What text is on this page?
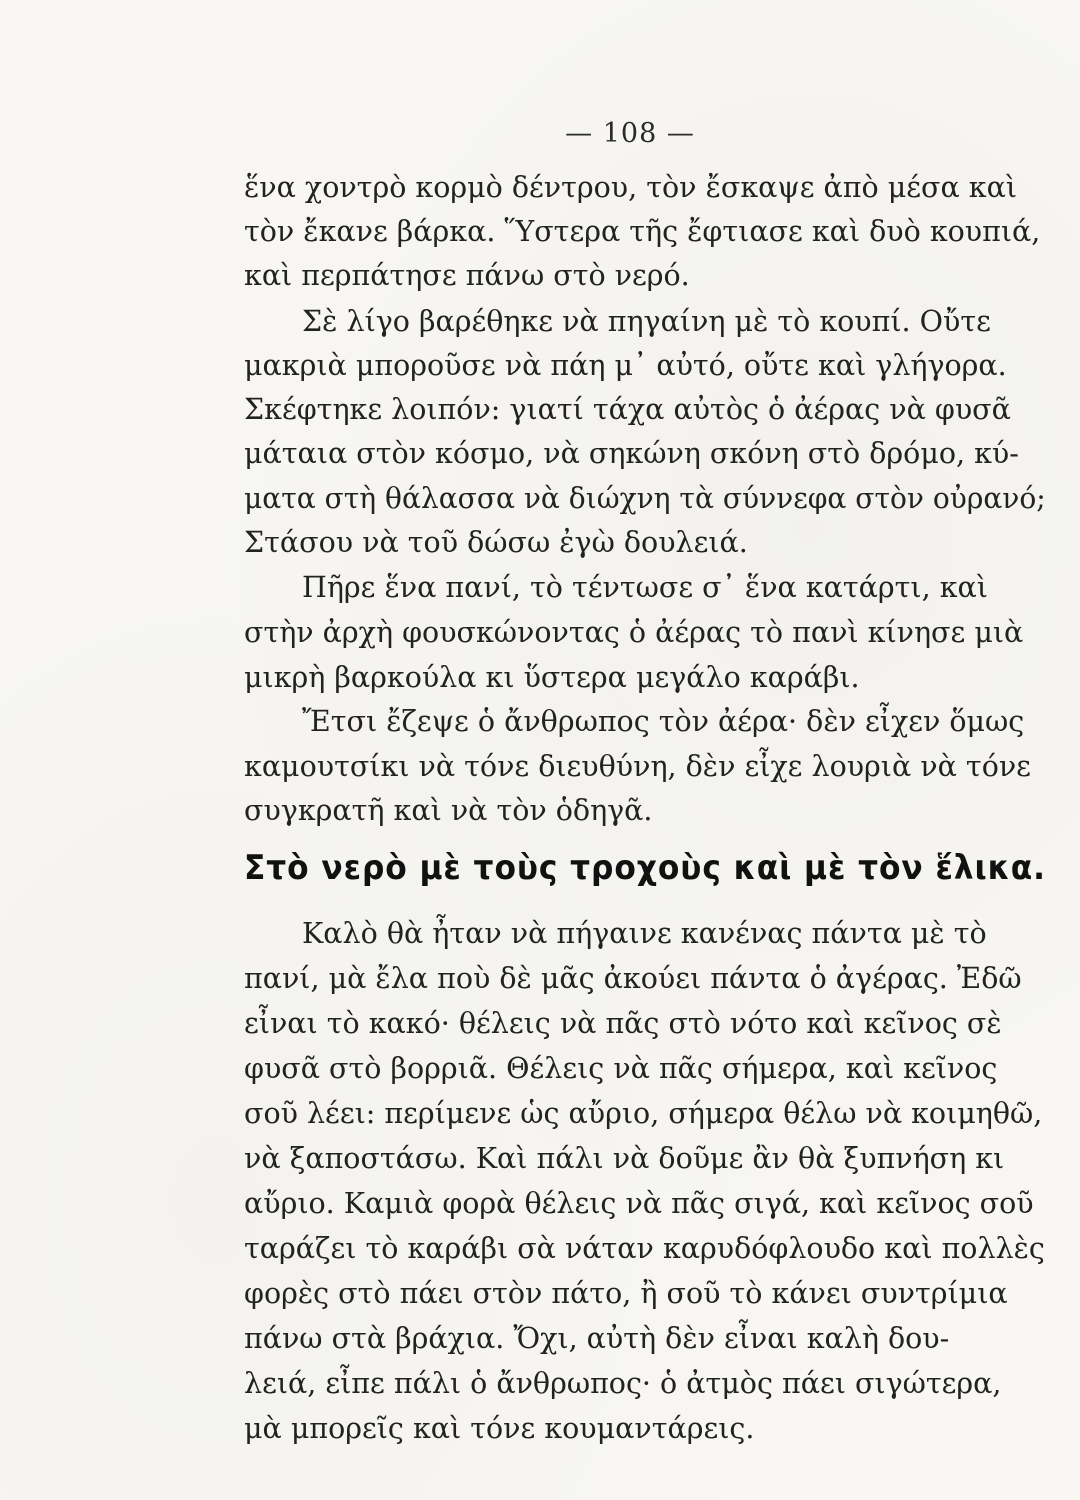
— 108 —
ἕνα χοντρὸ κορμὸ δέντρου, τὸν ἔσκαψε ἀπὸ μέσα καὶ
τὸν ἔκανε βάρκα. Ὕστερα τῆς ἔφτιασε καὶ δυὸ κουπιά,
καὶ περπάτησε πάνω στὸ νερό.
Σὲ λίγο βαρέθηκε νὰ πηγαίνη μὲ τὸ κουπί. Οὔτε
μακριὰ μποροῦσε νὰ πάη μ᾿ αὐτό, οὔτε καὶ γλήγορα.
Σκέφτηκε λοιπόν: γιατί τάχα αὐτὸς ὁ ἀέρας νὰ φυσᾶ
μάταια στὸν κόσμο, νὰ σηκώνη σκόνη στὸ δρόμο, κύ-
ματα στὴ θάλασσα νὰ διώχνη τὰ σύννεφα στὸν οὐρανό;
Στάσου νὰ τοῦ δώσω ἐγὼ δουλειά.
Πῆρε ἕνα πανί, τὸ τέντωσε σ᾿ ἕνα κατάρτι, καὶ
στὴν ἀρχὴ φουσκώνοντας ὁ ἀέρας τὸ πανὶ κίνησε μιὰ
μικρὴ βαρκούλα κι ὕστερα μεγάλο καράβι.
Ἔτσι ἔζεψε ὁ ἄνθρωπος τὸν ἀέρα· δὲν εἶχεν ὅμως
καμουτσίκι νὰ τόνε διευθύνη, δὲν εἶχε λουριὰ νὰ τόνε
συγκρατῆ καὶ νὰ τὸν ὁδηγᾶ.
Στὸ νερὸ μὲ τοὺς τροχοὺς καὶ μὲ τὸν ἕλικα.
Καλὸ θὰ ἦταν νὰ πήγαινε κανένας πάντα μὲ τὸ
πανί, μὰ ἔλα ποὺ δὲ μᾶς ἀκούει πάντα ὁ ἀγέρας. Ἐδῶ
εἶναι τὸ κακό· θέλεις νὰ πᾶς στὸ νότο καὶ κεῖνος σὲ
φυσᾶ στὸ βορριᾶ. Θέλεις νὰ πᾶς σήμερα, καὶ κεῖνος
σοῦ λέει: περίμενε ὡς αὔριο, σήμερα θέλω νὰ κοιμηθῶ,
νὰ ξαποστάσω. Καὶ πάλι νὰ δοῦμε ἂν θὰ ξυπνήση κι
αὔριο. Καμιὰ φορὰ θέλεις νὰ πᾶς σιγά, καὶ κεῖνος σοῦ
ταράζει τὸ καράβι σὰ νάταν καρυδόφλουδο καὶ πολλὲς
φορὲς στὸ πάει στὸν πάτο, ἢ σοῦ τὸ κάνει συντρίμια
πάνω στὰ βράχια. Ὄχι, αὐτὴ δὲν εἶναι καλὴ δου-
λειά, εἶπε πάλι ὁ ἄνθρωπος· ὁ ἀτμὸς πάει σιγώτερα,
μὰ μπορεῖς καὶ τόνε κουμαντάρεις.
